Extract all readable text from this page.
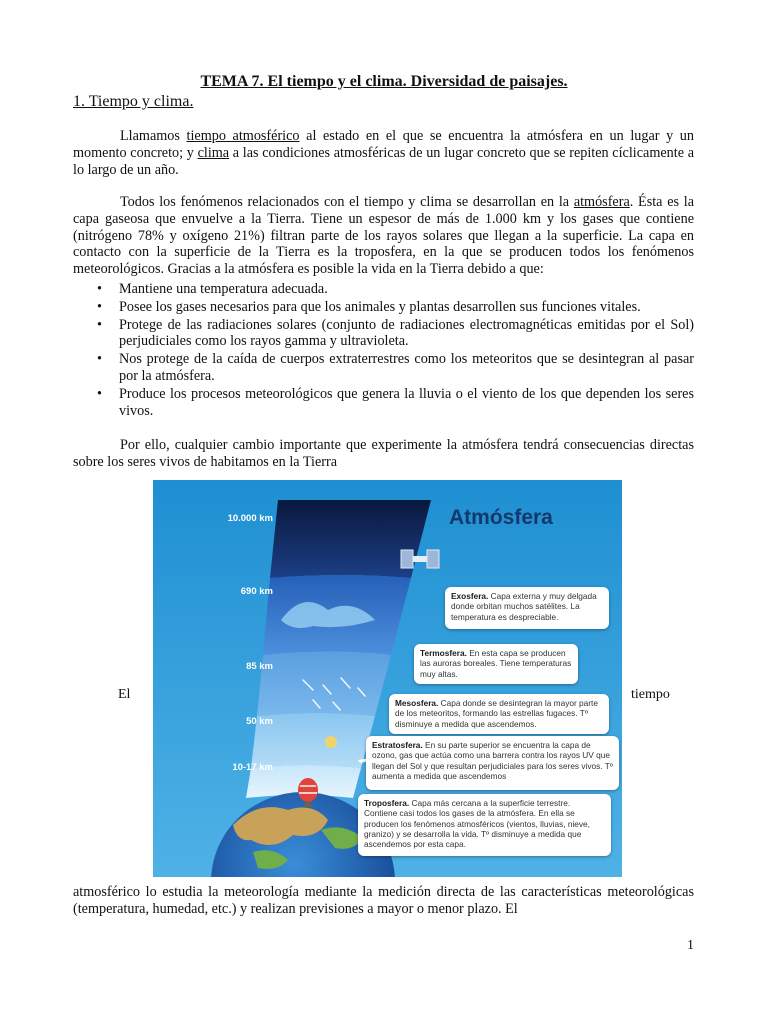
TEMA 7. El tiempo y el clima. Diversidad de paisajes.
1. Tiempo y clima.

Llamamos tiempo atmosférico al estado en el que se encuentra la atmósfera en un lugar y un momento concreto; y clima a las condiciones atmosféricas de un lugar concreto que se repiten cíclicamente a lo largo de un año.

Todos los fenómenos relacionados con el tiempo y clima se desarrollan en la atmósfera. Ésta es la capa gaseosa que envuelve a la Tierra. Tiene un espesor de más de 1.000 km y los gases que contiene (nitrógeno 78% y oxígeno 21%) filtran parte de los rayos solares que llegan a la superficie. La capa en contacto con la superficie de la Tierra es la troposfera, en la que se producen todos los fenómenos meteorológicos. Gracias a la atmósfera es posible la vida en la Tierra debido a que:

• Mantiene una temperatura adecuada.
• Posee los gases necesarios para que los animales y plantas desarrollen sus funciones vitales.
• Protege de las radiaciones solares (conjunto de radiaciones electromagnéticas emitidas por el Sol) perjudiciales como los rayos gamma y ultravioleta.
• Nos protege de la caída de cuerpos extraterrestres como los meteoritos que se desintegran al pasar por la atmósfera.
• Produce los procesos meteorológicos que genera la lluvia o el viento de los que dependen los seres vivos.

Por ello, cualquier cambio importante que experimente la atmósfera tendrá consecuencias directas sobre los seres vivos de habitamos en la Tierra

El	tiempo
Atmósfera
10.000 km
690 km
85 km
50 km
10-17 km
Exosfera. Capa externa y muy delgada donde orbitan muchos satélites. La temperatura es despreciable.
Termosfera. En esta capa se producen las auroras boreales. Tiene temperaturas muy altas.
Mesosfera. Capa donde se desintegran la mayor parte de los meteoritos, formando las estrellas fugaces. Tº disminuye a medida que ascendemos.
Estratosfera. En su parte superior se encuentra la capa de ozono, gas que actúa como una barrera contra los rayos UV que llegan del Sol y que resultan perjudiciales para los seres vivos. Tº aumenta a medida que ascendemos
Troposfera. Capa más cercana a la superficie terrestre. Contiene casi todos los gases de la atmósfera. En ella se producen los fenómenos atmosféricos (vientos, lluvias, nieve, granizo) y se desarrolla la vida. Tº disminuye a medida que ascendemos por esta capa.

atmosférico lo estudia la meteorología mediante la medición directa de las características meteorológicas (temperatura, humedad, etc.) y realizan previsiones a mayor o menor plazo. El

1
